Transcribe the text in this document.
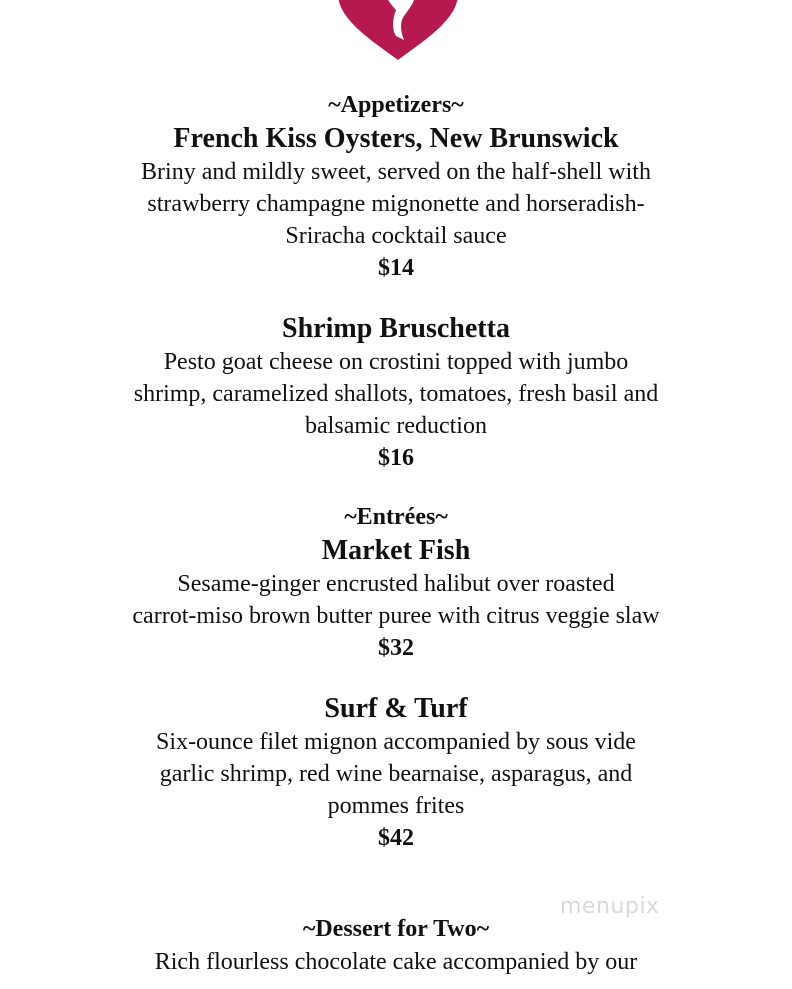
~Appetizers~

French Kiss Oysters, New Brunswick

Briny and mildly sweet, served on the half-shell with
strawberry champagne mignonette and horseradish-
Sriracha cocktail sauce

$14

Shrimp Bruschetta

Pesto goat cheese on crostini topped with jumbo
shrimp, caramelized shallots, tomatoes, fresh basil and
balsamic reduction

$16

~Entrées~

Market Fish

Sesame-ginger encrusted halibut over roasted
carrot-miso brown butter puree with citrus veggie slaw

$32

Surf & Turf

Six-ounce filet mignon accompanied by sous vide
garlic shrimp, red wine bearnaise, asparagus, and
pommes frites

$42

~Dessert for Two~

Rich flourless chocolate cake accompanied by our

menupix
